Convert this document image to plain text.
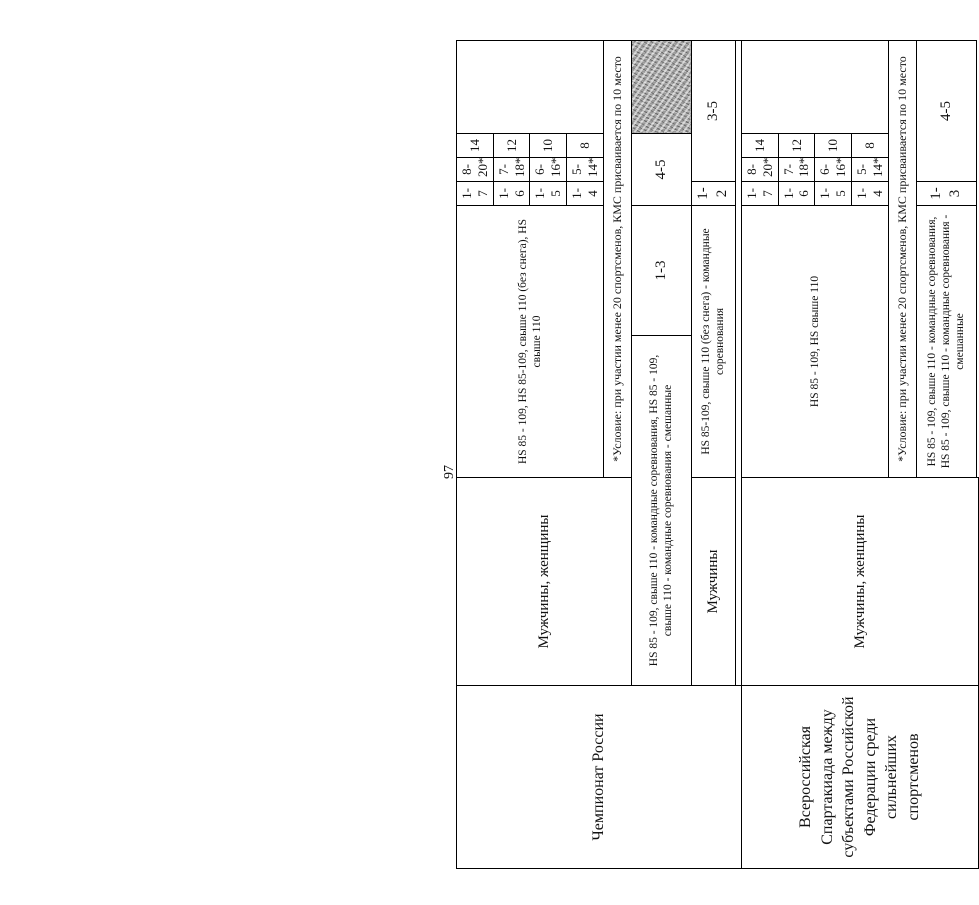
97
Чемпионат России	Мужчины, женщины	HS 85 - 109, HS 85-109, свыше 110 (без снега), HS свыше 110		1-7	8-20*	14		
				1-6	7-18*	12		
				1-5	6-16*	10		
				1-4	5-14*	8		
		*Условие: при участии менее 20 спортсменов, КМС присваивается по 10 место						
	HS 85 - 109, свыше 110 - командные соревнования, HS 85 - 109, свыше 110 - командные соревнования - смешанные		1-3	4-5				
	Мужчины	HS 85-109, свыше 110 (без снега) - командные соревнования		1-2	3-5			

Всероссийская Спартакиада между субъектами Российской Федерации среди сильнейших спортсменов	Мужчины, женщины	HS 85 - 109, HS свыше 110		1-7	8-20*	14		
				1-6	7-18*	12		
				1-5	6-16*	10		
				1-4	5-14*	8		
		*Условие: при участии менее 20 спортсменов, КМС присваивается по 10 место						
		HS 85 - 109, свыше 110 - командные соревнования, HS 85 - 109, свыше 110 - командные соревнования - смешанные		1-3	4-5			
